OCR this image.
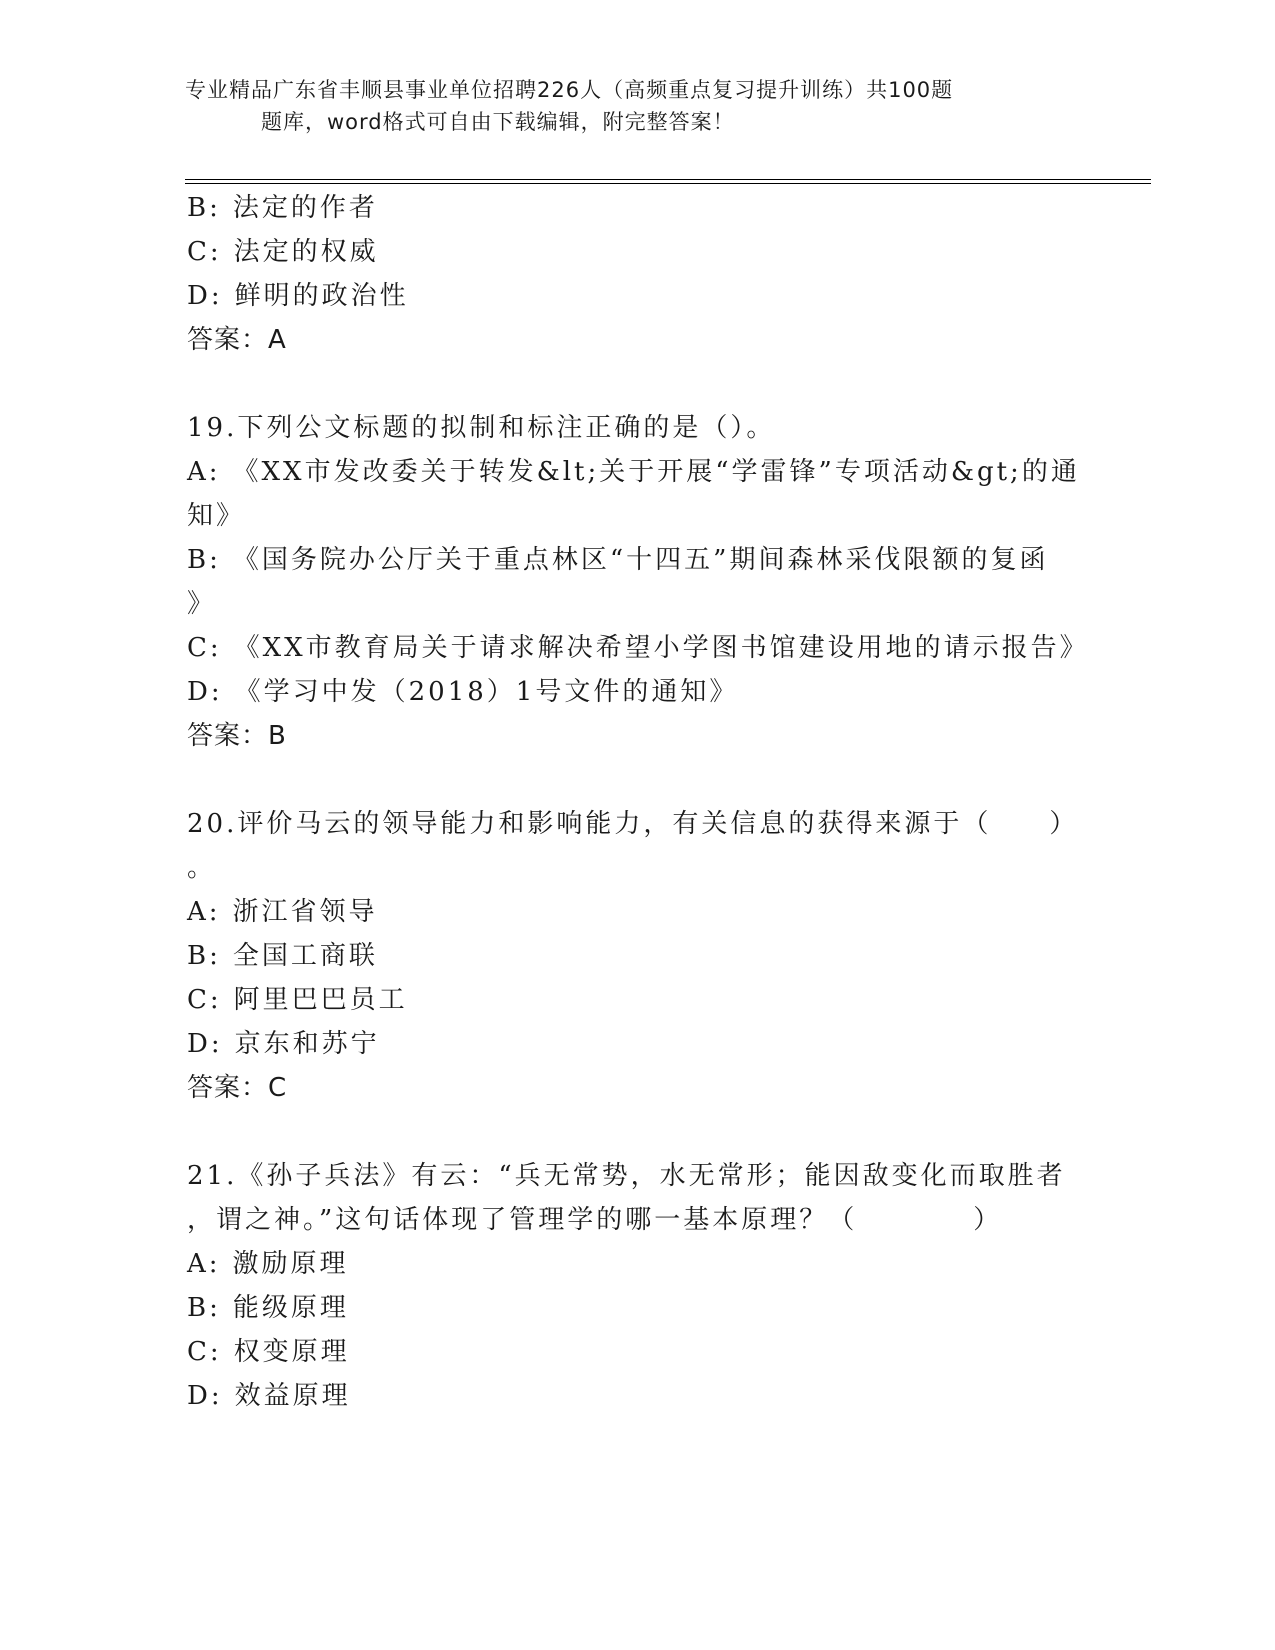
专业精品广东省丰顺县事业单位招聘226人（高频重点复习提升训练）共100题
题库，word格式可自由下载编辑，附完整答案！
B: 法定的作者
C: 法定的权威
D: 鲜明的政治性
答案：A
19.下列公文标题的拟制和标注正确的是（）。
A: 《XX市发改委关于转发&lt;关于开展“学雷锋”专项活动&gt;的通
知》
B: 《国务院办公厅关于重点林区“十四五”期间森林采伐限额的复函
》
C: 《XX市教育局关于请求解决希望小学图书馆建设用地的请示报告》
D: 《学习中发（2018）1号文件的通知》
答案：B
20.评价马云的领导能力和影响能力，有关信息的获得来源于（　　）
。
A: 浙江省领导
B: 全国工商联
C: 阿里巴巴员工
D: 京东和苏宁
答案：C
21.《孙子兵法》有云：“兵无常势，水无常形；能因敌变化而取胜者
，谓之神。”这句话体现了管理学的哪一基本原理？（　　　　）
A: 激励原理
B: 能级原理
C: 权变原理
D: 效益原理
